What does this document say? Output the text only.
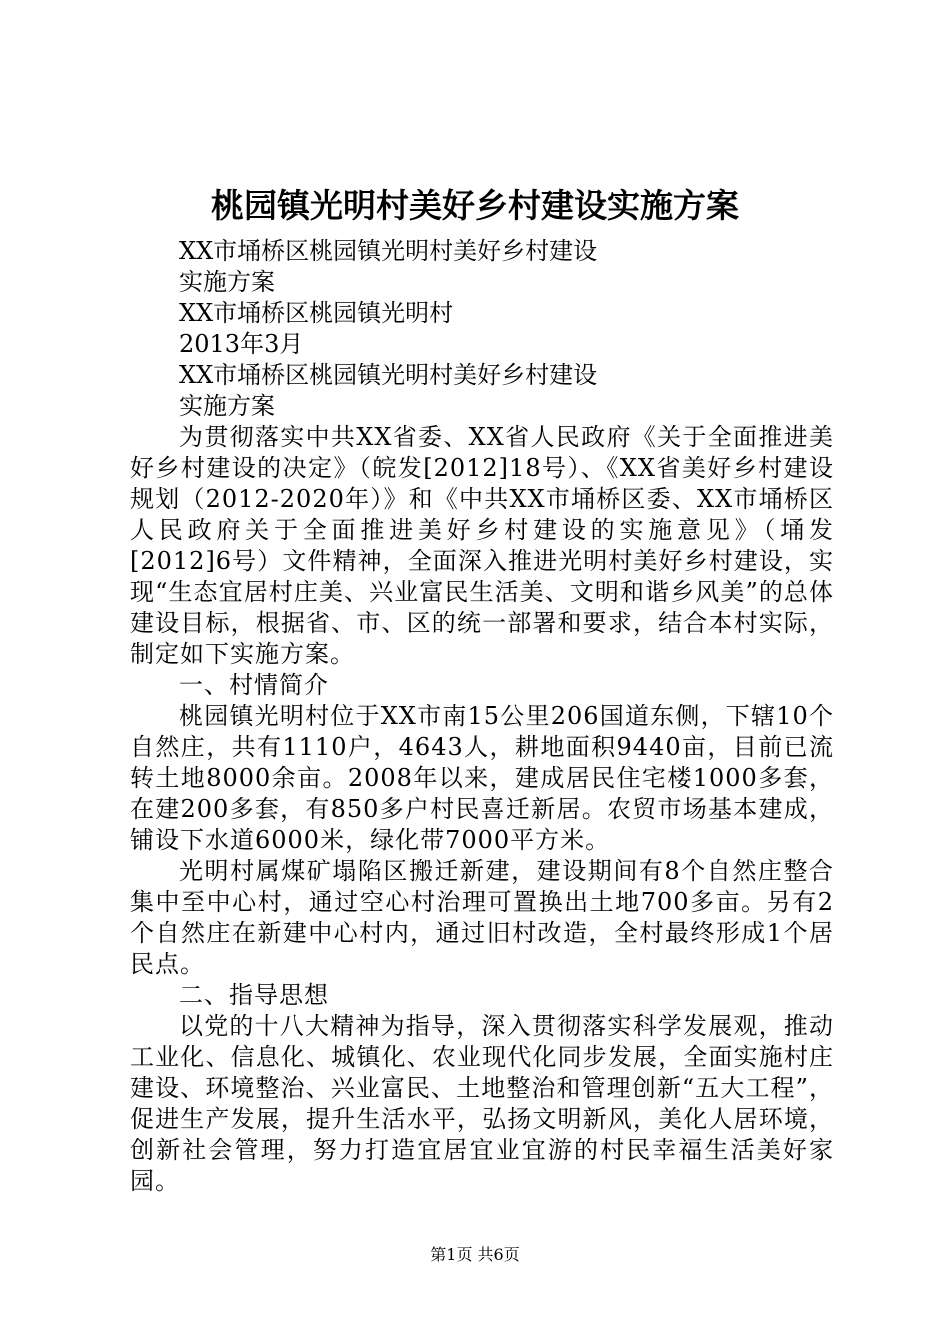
桃园镇光明村美好乡村建设实施方案

XX市埇桥区桃园镇光明村美好乡村建设

实施方案

XX市埇桥区桃园镇光明村

2013年3月

XX市埇桥区桃园镇光明村美好乡村建设

实施方案

为贯彻落实中共XX省委、XX省人民政府《关于全面推进美好乡村建设的决定》（皖发[2012]18号）、《XX省美好乡村建设规划（2012-2020年）》和《中共XX市埇桥区委、XX市埇桥区人民政府关于全面推进美好乡村建设的实施意见》（埇发[2012]6号）文件精神，全面深入推进光明村美好乡村建设，实现“生态宜居村庄美、兴业富民生活美、文明和谐乡风美”的总体建设目标，根据省、市、区的统一部署和要求，结合本村实际，制定如下实施方案。

一、村情简介

桃园镇光明村位于XX市南15公里206国道东侧，下辖10个自然庄，共有1110户，4643人，耕地面积9440亩，目前已流转土地8000余亩。2008年以来，建成居民住宅楼1000多套，在建200多套，有850多户村民喜迁新居。农贸市场基本建成，铺设下水道6000米，绿化带7000平方米。

光明村属煤矿塌陷区搬迁新建，建设期间有8个自然庄整合集中至中心村，通过空心村治理可置换出土地700多亩。另有2个自然庄在新建中心村内，通过旧村改造，全村最终形成1个居民点。

二、指导思想

以党的十八大精神为指导，深入贯彻落实科学发展观，推动工业化、信息化、城镇化、农业现代化同步发展，全面实施村庄建设、环境整治、兴业富民、土地整治和管理创新“五大工程”，促进生产发展，提升生活水平，弘扬文明新风，美化人居环境，创新社会管理，努力打造宜居宜业宜游的村民幸福生活美好家园。

第1页 共6页
